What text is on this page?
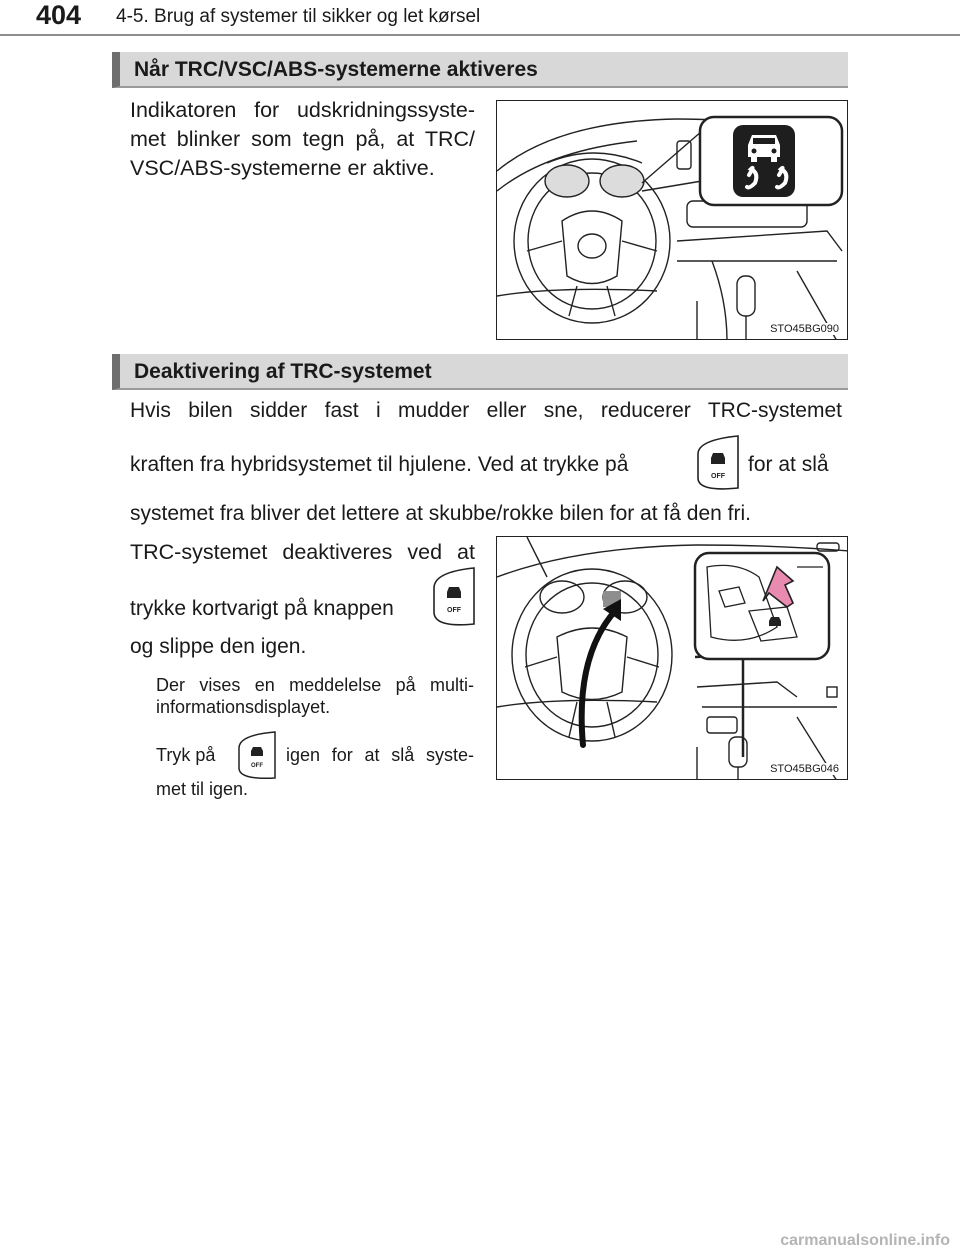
404 4-5. Brug af systemer til sikker og let kørsel
Når TRC/VSC/ABS-systemerne aktiveres
Indikatoren for udskridningssyste-
met blinker som tegn på, at TRC/
VSC/ABS-systemerne er aktive.
STO45BG090
Deaktivering af TRC-systemet
Hvis bilen sidder fast i mudder eller sne, reducerer TRC-systemet
kraften fra hybridsystemet til hjulene. Ved at trykke på
OFF
for at slå
systemet fra bliver det lettere at skubbe/rokke bilen for at få den fri.
TRC-systemet deaktiveres ved at
trykke kortvarigt på knappen	OFF
og slippe den igen.
Der vises en meddelelse på multi-
informationsdisplayet.
Tryk på
OFF
igen for at slå syste-
met til igen.
STO45BG046
carmanualsonline.info
